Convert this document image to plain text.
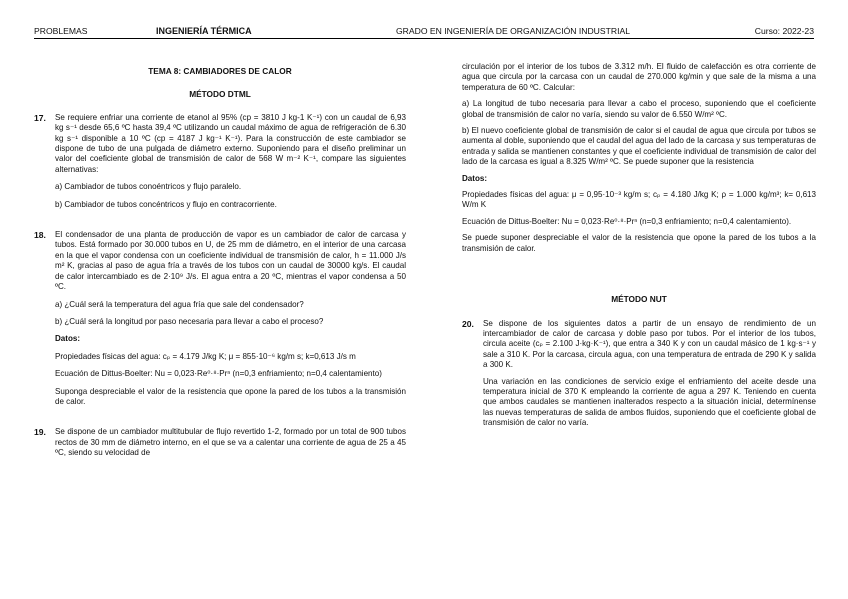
PROBLEMAS	INGENIERÍA TÉRMICA	GRADO EN INGENIERÍA DE ORGANIZACIÓN INDUSTRIAL	Curso: 2022-23
TEMA 8: CAMBIADORES DE CALOR
MÉTODO DTML
17.	Se requiere enfriar una corriente de etanol al 95% (cp = 3810 J kg-1 K⁻¹) con un caudal de 6,93 kg s⁻¹ desde 65,6 ºC hasta 39,4 ºC utilizando un caudal máximo de agua de refrigeración de 6.30 kg s⁻¹ disponible a 10 ºC (cp = 4187 J kg⁻¹ K⁻¹). Para la construcción de este cambiador se dispone de tubo de una pulgada de diámetro externo. Suponiendo para el diseño preliminar un valor del coeficiente global de transmisión de calor de 568 W m⁻² K⁻¹, compare las siguientes alternativas:

a) Cambiador de tubos conoéntricos y flujo paralelo.

b) Cambiador de tubos concéntricos y flujo en contracorriente.

18.	El condensador de una planta de producción de vapor es un cambiador de calor de carcasa y tubos. Está formado por 30.000 tubos en U, de 25 mm de diámetro, en el interior de una carcasa en la que el vapor condensa con un coeficiente individual de transmisión de calor, h = 11.000 J/s m² K, gracias al paso de agua fría a través de los tubos con un caudal de 30000 kg/s. El caudal de calor intercambiado es de 2·10⁹ J/s. El agua entra a 20 ºC, mientras el vapor condensa a 50 ºC.

a) ¿Cuál será la temperatura del agua fría que sale del condensador?

b) ¿Cuál será la longitud por paso necesaria para llevar a cabo el proceso?

Datos:

Propiedades físicas del agua: cₚ = 4.179 J/kg K; μ = 855·10⁻⁶ kg/m s; k=0,613 J/s m

Ecuación de Dittus-Boelter: Nu = 0,023·Re⁰·⁸·Prⁿ (n=0,3 enfriamiento; n=0,4 calentamiento)

Suponga despreciable el valor de la resistencia que opone la pared de los tubos a la transmisión de calor.

19.	Se dispone de un cambiador multitubular de flujo revertido 1-2, formado por un total de 900 tubos rectos de 30 mm de diámetro interno, en el que se va a calentar una corriente de agua de 25 a 45 ºC, siendo su velocidad de

circulación por el interior de los tubos de 3.312 m/h. El fluido de calefacción es otra corriente de agua que circula por la carcasa con un caudal de 270.000 kg/min y que sale de la misma a una temperatura de 60 ºC. Calcular:

a) La longitud de tubo necesaria para llevar a cabo el proceso, suponiendo que el coeficiente global de transmisión de calor no varía, siendo su valor de 6.550 W/m² ºC.

b) El nuevo coeficiente global de transmisión de calor si el caudal de agua que circula por tubos se aumenta al doble, suponiendo que el caudal del agua del lado de la carcasa y sus temperaturas de entrada y salida se mantienen constantes y que el coeficiente individual de transmisión de calor del lado de la carcasa es igual a 8.325 W/m² ºC. Se puede suponer que la resistencia

Datos:

Propiedades físicas del agua: μ = 0,95·10⁻³ kg/m s; cₚ = 4.180 J/kg K; ρ = 1.000 kg/m³; k= 0,613 W/m K

Ecuación de Dittus-Boelter: Nu = 0,023·Re⁰·⁸·Prⁿ (n=0,3 enfriamiento; n=0,4 calentamiento).

Se puede suponer despreciable el valor de la resistencia que opone la pared de los tubos a la transmisión de calor.

MÉTODO NUT
20.	Se dispone de los siguientes datos a partir de un ensayo de rendimiento de un intercambiador de calor de carcasa y doble paso por tubos. Por el interior de los tubos, circula aceite (cₚ = 2.100 J·kg·K⁻¹), que entra a 340 K y con un caudal másico de 1 kg·s⁻¹ y sale a 310 K. Por la carcasa, circula agua, con una temperatura de entrada de 290 K y salida a 300 K.

Una variación en las condiciones de servicio exige el enfriamiento del aceite desde una temperatura inicial de 370 K empleando la corriente de agua a 297 K. Teniendo en cuenta que ambos caudales se mantienen inalterados respecto a la situación inicial, determínense las nuevas temperaturas de salida de ambos fluidos, suponiendo que el coeficiente global de transmisión de calor no varía.
